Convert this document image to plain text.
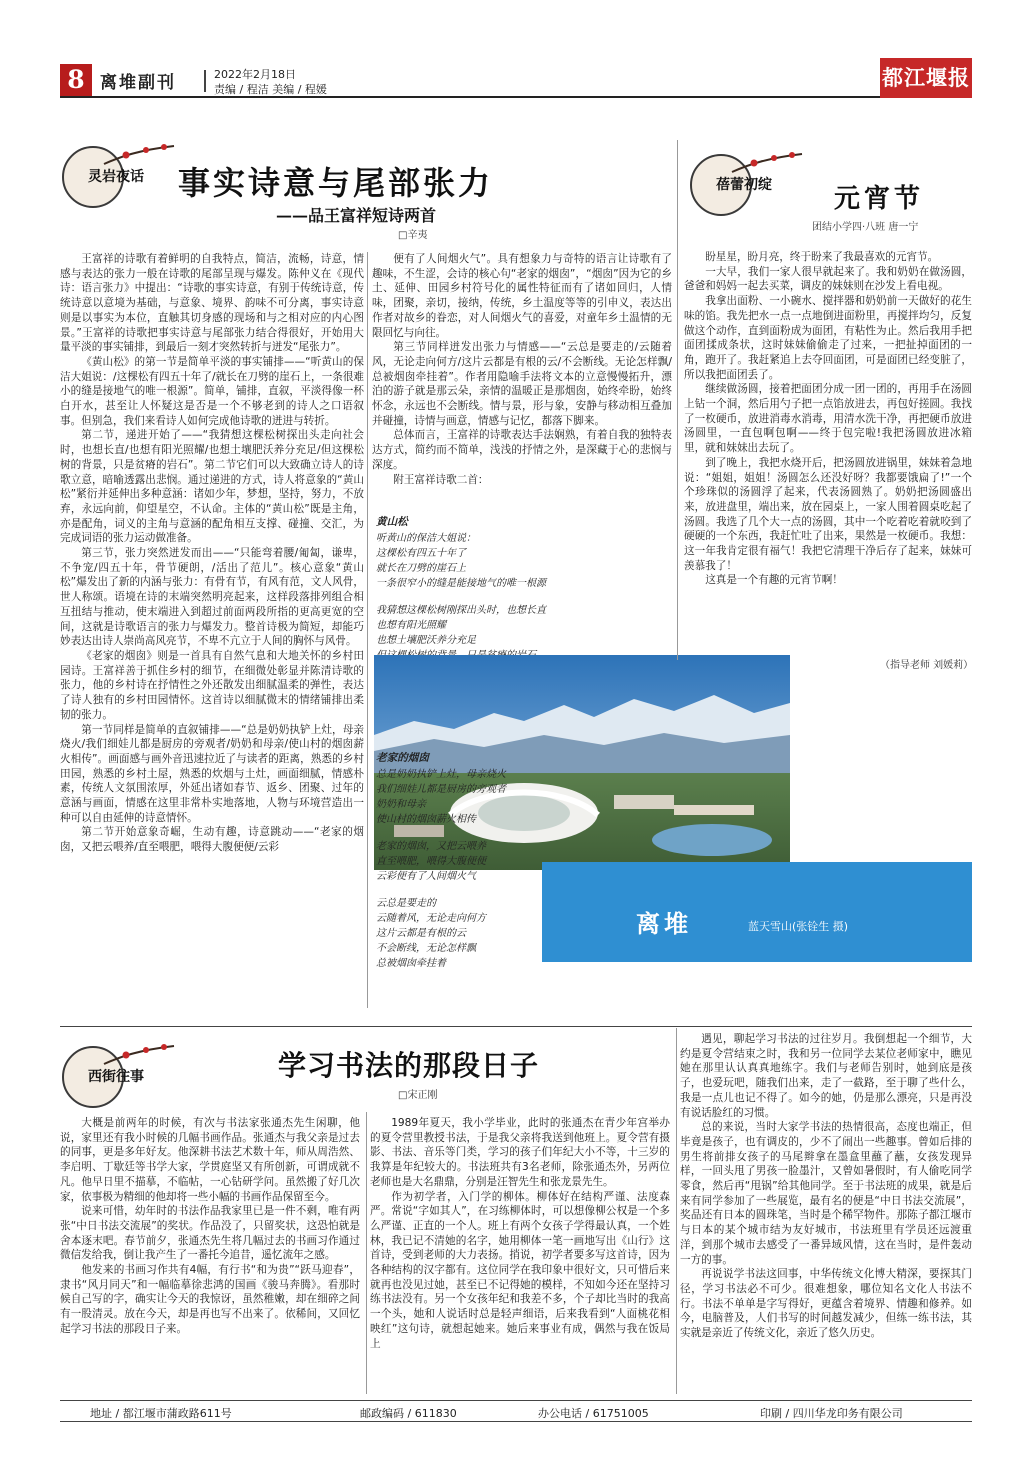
8 离堆副刊	2022年2月18日
责编 / 程洁 美编 / 程媛	都江堰报
灵岩夜话 事实诗意与尾部张力
——品王富祥短诗两首
□辛夷

王富祥的诗歌有着鲜明的自我特点，简洁，流畅，诗意，情感与表达的张力一般在诗歌的尾部呈现与爆发。陈仲义在《现代诗：语言张力》中提出：“诗歌的事实诗意，有别于传统诗意，传统诗意以意境为基础，与意象、境界、韵味不可分离，事实诗意则是以事实为本位，直触其切身感的现场和与之相对应的内心图景。”王富祥的诗歌把事实诗意与尾部张力结合得很好，开始用大量平淡的事实铺排，到最后一刻才突然转折与迸发“尾张力”。

《黄山松》的第一节是简单平淡的事实铺排——“听黄山的保洁大姐说：/这棵松有四五十年了/就长在刀劈的崖石上，一条很难小的缝是接地气的唯一根源”。简单，铺排，直叙，平淡得像一杯白开水，甚至让人怀疑这是否是一个不够老到的诗人之口语叙事。但别急，我们来看诗人如何完成他诗歌的迸进与转折。

第二节，递进开始了——“我猜想这棵松树探出头走向社会时，也想长直/也想有阳光照耀/也想土壤肥沃养分充足/但这棵松树的背景，只是贫瘠的岩石”。第二节它们可以大致确立诗人的诗歌立意，暗喻透露出悲悯。通过递进的方式，诗人将意象的“黄山松”紧衍并延伸出多种意涵：诸如少年，梦想，坚持，努力，不放弃，永远向前，仰望星空，不认命。主体的“黄山松”既是主角，亦是配角，词义的主角与意涵的配角相互支撑、碰撞、交汇，为完成词语的张力运动做准备。

第三节，张力突然迸发而出——“只能弯着腰/匍匐，谦卑，不争宠/四五十年，骨节硬朗，/活出了范儿”。核心意象“黄山松”爆发出了新的内涵与张力：有骨有节，有风有范，文人风骨，世人称颂。语境在诗的末端突然明亮起来，这样段落排列组合相互扭结与推动，使末端进入到超过前面两段所指的更高更宽的空间，这就是诗歌语言的张力与爆发力。整首诗极为简短，却能巧妙表达出诗人崇尚高风亮节，不卑不亢立于人间的胸怀与风骨。

《老家的烟囱》则是一首具有自然气息和大地关怀的乡村田园诗。王富祥善于抓住乡村的细节，在细微处彰显并陈清诗歌的张力，他的乡村诗在抒情性之外还散发出细腻温柔的弹性，表达了诗人独有的乡村田园情怀。这首诗以细腻微末的情绪铺排出柔韧的张力。

第一节同样是简单的直叙铺排——“总是奶奶执铲上灶，母亲烧火/我们细娃儿都是厨房的旁观者/奶奶和母亲/使山村的烟囱薪火相传”。画面感与画外音迅速拉近了与读者的距离，熟悉的乡村田园，熟悉的乡村土屋，熟悉的炊烟与土灶，画面细腻，情感朴素，传统人文氛围浓厚，外延出诸如春节、返乡、团聚、过年的意涵与画面，情感在这里非常朴实地落地，人物与环境营造出一种可以自由延伸的诗意情怀。

第二节开始意象奇崛，生动有趣，诗意跳动——“老家的烟囱，又把云喂养/直至喂肥，喂得大腹便便/云彩

便有了人间烟火气”。具有想象力与奇特的语言让诗歌有了趣味，不生涩，会诗的核心句“老家的烟囱”，“烟囱”因为它的乡土、延伸、田园乡村符号化的属性特征而有了诸如回归，人情味，团聚，亲切，接纳，传统，乡土温度等等的引申义，表达出作者对故乡的眷恋，对人间烟火气的喜爱，对童年乡土温情的无限回忆与向往。

第三节同样迸发出张力与情感——“云总是要走的/云随着风，无论走向何方/这片云都是有根的云/不会断线。无论怎样飘/总被烟囱牵挂着”。作者用隐喻手法将文本的立意慢慢拓升，漂泊的游子就是那云朵，亲情的温暖正是那烟囱，始终牵盼，始终怀念，永远也不会断线。情与景，形与象，安静与移动相互叠加并碰撞，诗情与画意，情感与记忆，都落下脚来。

总体而言，王富祥的诗歌表达手法娴熟，有着自我的独特表达方式，简约而不简单，浅浅的抒情之外，是深藏于心的悲悯与深度。

附王富祥诗歌二首：

黄山松
听黄山的保洁大姐说：
这棵松有四五十年了
就长在刀劈的崖石上
一条很窄小的缝是能接地气的唯一根源
我猜想这棵松树刚探出头时，也想长直
也想有阳光照耀
也想土壤肥沃养分充足
离堆	蓝天雪山(张铨生 摄)
老家的烟囱
总是奶奶执铲上灶，母亲烧火
我们细娃儿都是厨房的旁观者
奶奶和母亲
使山村的烟囱薪火相传
老家的烟囱，又把云喂养
直至喂肥，喂得大腹便便
云彩便有了人间烟火气
云总是要走的
云随着风，无论走向何方
这片云都是有根的云
不会断线，无论怎样飘
总被烟囱牵挂着
蓓蕾初绽 元宵节
团结小学四·八班 唐一宁

盼星星，盼月亮，终于盼来了我最喜欢的元宵节。

一大早，我们一家人很早就起来了。我和奶奶在做汤圆，爸爸和妈妈一起去买菜，调皮的妹妹则在沙发上看电视。

我拿出面粉、一小碗水、搅拌器和奶奶前一天做好的花生味的馅。我先把水一点一点地倒进面粉里，再搅拌均匀，反复做这个动作，直到面粉成为面团，有粘性为止。然后我用手把面团揉成条状，这时妹妹偷偷走了过来，一把扯掉面团的一角，跑开了。我赶紧追上去夺回面团，可是面团已经变脏了，所以我把面团丢了。

继续做汤圆，接着把面团分成一团一团的，再用手在汤圆上钻一个洞，然后用勺子把一点馅放进去，再包好搓圆。我找了一枚硬币，放进消毒水消毒，用清水洗干净，再把硬币放进汤圆里，一直包啊包啊——终于包完啦!我把汤圆放进冰箱里，就和妹妹出去玩了。

到了晚上，我把水烧开后，把汤圆放进锅里，妹妹着急地说：“姐姐，姐姐！汤圆怎么还没好呀？我都要饿扁了!”一个个珍珠似的汤圆浮了起来，代表汤圆熟了。奶奶把汤圆盛出来，放进盘里，端出来，放在园桌上，一家人围着圆桌吃起了汤圆。我选了几个大一点的汤圆，其中一个吃着吃着就咬到了硬硬的一个东西，我赶忙吐了出来，果然是一枚硬币。我想：这一年我肯定很有福气！我把它清理干净后存了起来，妹妹可羡慕我了！

这真是一个有趣的元宵节啊！

（指导老师 刘媛莉）
西街往事	学习书法的那段日子
□宋正刚

大概是前两年的时候，有次与书法家张通杰先生闲聊，他说，家里还有我小时候的几幅书画作品。张通杰与我父亲是过去的同事，更是多年好友。他深耕书法艺术数十年，师从周浩然、李启明、丁歇廷等书学大家，学贯庭坚又有所创新，可谓成就不凡。他早日里不描摹，不临帖，一心钻研学问。虽然搬了好几次家，依事极为精细的他却将一些小幅的书画作品保留至今。

说来可惜，幼年时的书法作品我家里已是一件不剩，唯有两张“中日书法交流展”的奖状。作品没了，只留奖状，这恐怕就是舍本逐末吧。春节前夕，张通杰先生将几幅过去的书画习作通过微信发给我，倒让我产生了一番托今追昔，遥忆流年之感。

他发来的书画习作共有4幅，有行书“和为贵”“跃马迎春”，隶书“风月同天”和一幅临摹徐悲鸿的国画《骏马奔腾》。看那时候自己写的字，确实让今天的我惊讶，虽然稚嫩，却在细碎之间有一股清灵。放在今天，却是再也写不出来了。依稀间，又回忆起学习书法的那段日子来。

1989年夏天，我小学毕业，此时的张通杰在青少年宫举办的夏令营里教授书法，于是我父亲将我送到他班上。夏令营有摄影、书法、音乐等门类，学习的孩子们年纪大小不等，十三岁的我算是年纪较大的。书法班共有3名老师，除张通杰外，另两位老师也是大名鼎鼎，分别是汪智先生和张龙景先生。

作为初学者，入门学的柳体。柳体好在结构严谨、法度森严。常说“字如其人”，在习练柳体时，可以想像柳公权是一个多么严谨、正直的一个人。班上有两个女孩子学得最认真，一个姓林，我已记不清她的名字，她用柳体一笔一画地写出《山行》这首诗，受到老师的大力表扬。捎说，初学者要多写这首诗，因为各种结构的汉字都有。这位同学在我印象中很好文，只可惜后来就再也没见过她，甚至已不记得她的模样，不知如今还在坚持习练书法没有。另一个女孩年纪和我差不多，个子却比当时的我高一个头，她和人说话时总是轻声细语，后来我看到“人面桃花相映红”这句诗，就想起她来。她后来事业有成，偶然与我在饭局上

遇见，聊起学习书法的过往岁月。我倒想起一个细节，大约是夏令营结束之时，我和另一位同学去某位老师家中，瞧见她在那里认认真真地练字。我们与老师告别时，她到底是孩子，也爱玩吧，随我们出来，走了一截路，至于聊了些什么，我是一点儿也记不得了。如今的她，仍是那么漂亮，只是再没有说话脸红的习惯。

总的来说，当时大家学书法的热情很高，态度也端正，但毕竟是孩子，也有调皮的，少不了闹出一些趣事。曾如后排的男生将前排女孩子的马尾辫拿在墨盒里蘸了蘸，女孩发现异样，一回头甩了男孩一脸墨汁，又曾如暑假时，有人偷吃同学零食，然后再“甩锅”给其他同学。至于书法班的成果，就是后来有同学参加了一些展览，最有名的便是“中日书法交流展”，奖品还有日本的圆珠笔，当时是个稀罕物件。那陈子都江堰市与日本的某个城市结为友好城市，书法班里有学员还远渡重洋，到那个城市去感受了一番异域风情，这在当时，是件轰动一方的事。

再说说学书法这回事，中华传统文化博大精深，要探其门径，学习书法必不可少。很难想象，哪位知名文化人书法不行。书法不单单是字写得好，更蕴含着境界、情趣和修养。如今，电脑普及，人们书写的时间越发减少，但练一练书法，其实就是亲近了传统文化，亲近了悠久历史。

地址 / 都江堰市蒲政路611号	邮政编码 / 611830	办公电话 / 61751005	印刷 / 四川华龙印务有限公司
